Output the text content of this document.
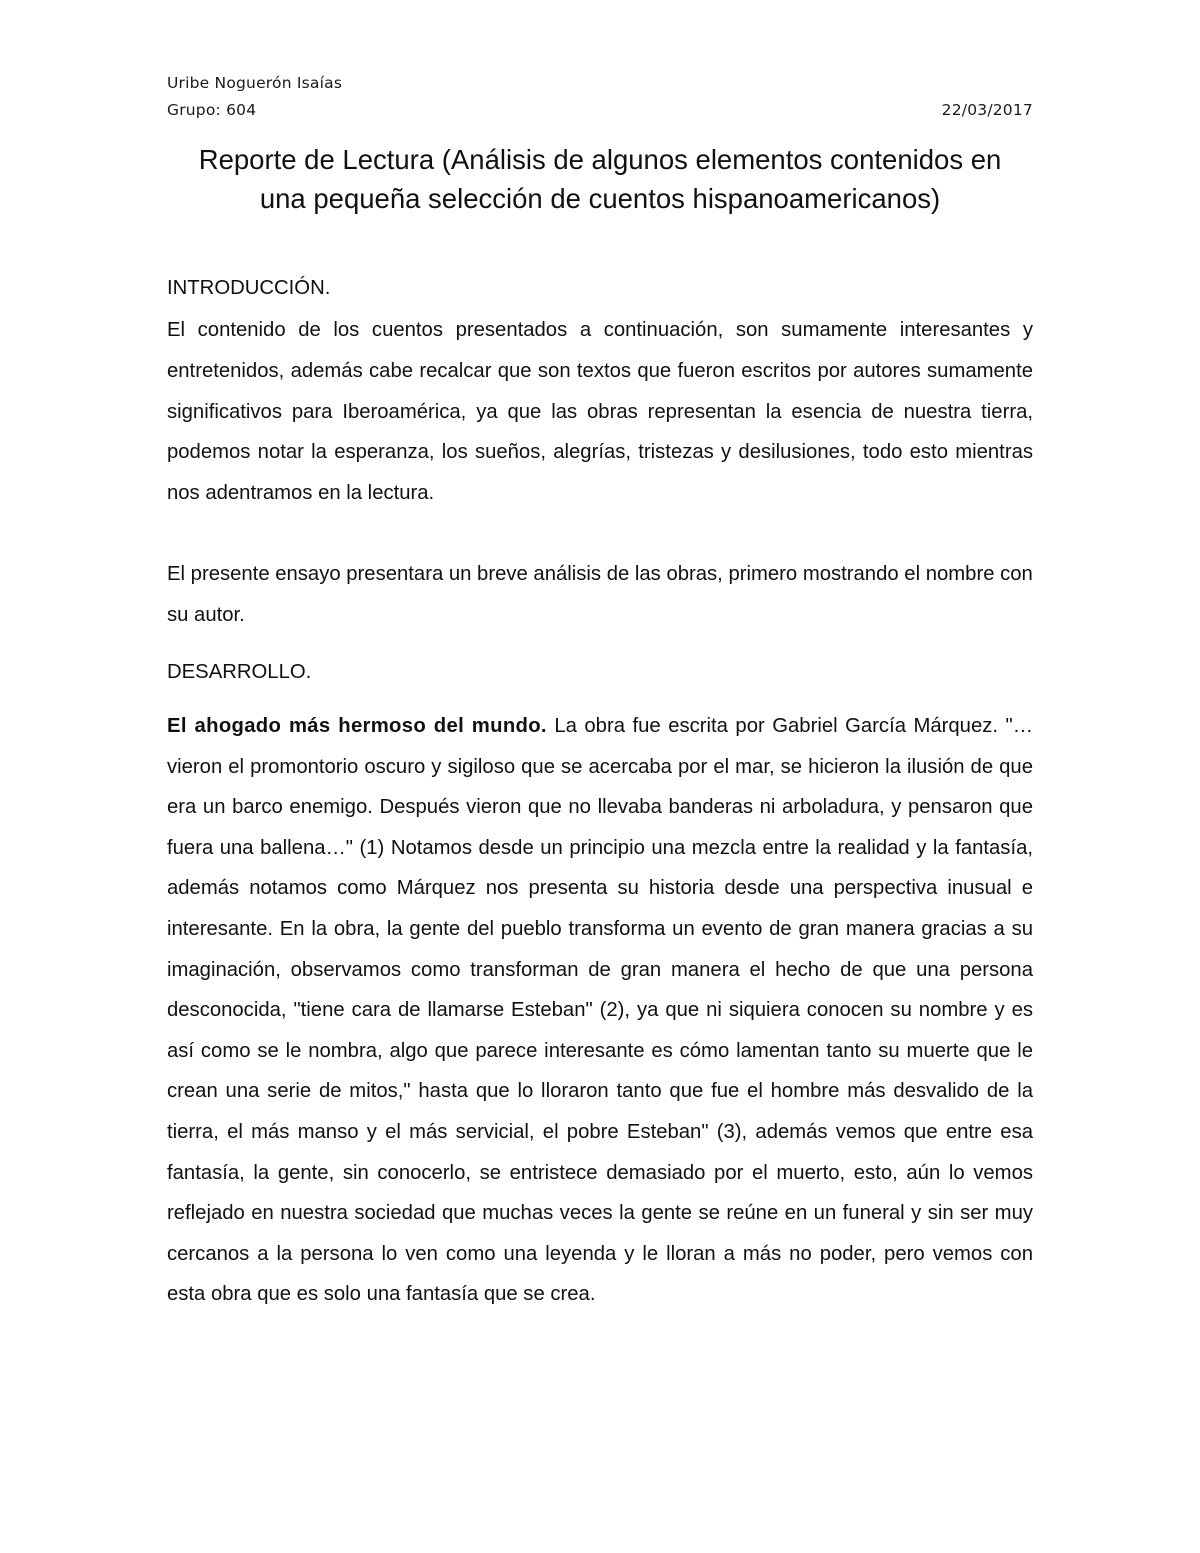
Uribe Noguerón Isaías
Grupo: 604	22/03/2017
Reporte de Lectura (Análisis de algunos elementos contenidos en una pequeña selección de cuentos hispanoamericanos)
INTRODUCCIÓN.

El contenido de los cuentos presentados a continuación, son sumamente interesantes y entretenidos, además cabe recalcar que son textos que fueron escritos por autores sumamente significativos para Iberoamérica, ya que las obras representan la esencia de nuestra tierra, podemos notar la esperanza, los sueños, alegrías, tristezas y desilusiones, todo esto mientras nos adentramos en la lectura.

El presente ensayo presentara un breve análisis de las obras, primero mostrando el nombre con su autor.

DESARROLLO.

El ahogado más hermoso del mundo. La obra fue escrita por Gabriel García Márquez. "…vieron el promontorio oscuro y sigiloso que se acercaba por el mar, se hicieron la ilusión de que era un barco enemigo. Después vieron que no llevaba banderas ni arboladura, y pensaron que fuera una ballena…" (1) Notamos desde un principio una mezcla entre la realidad y la fantasía, además notamos como Márquez nos presenta su historia desde una perspectiva inusual e interesante. En la obra, la gente del pueblo transforma un evento de gran manera gracias a su imaginación, observamos como transforman de gran manera el hecho de que una persona desconocida, "tiene cara de llamarse Esteban" (2), ya que ni siquiera conocen su nombre y es así como se le nombra, algo que parece interesante es cómo lamentan tanto su muerte que le crean una serie de mitos," hasta que lo lloraron tanto que fue el hombre más desvalido de la tierra, el más manso y el más servicial, el pobre Esteban" (3), además vemos que entre esa fantasía, la gente, sin conocerlo, se entristece demasiado por el muerto, esto, aún lo vemos reflejado en nuestra sociedad que muchas veces la gente se reúne en un funeral y sin ser muy cercanos a la persona lo ven como una leyenda y le lloran a más no poder, pero vemos con esta obra que es solo una fantasía que se crea.
